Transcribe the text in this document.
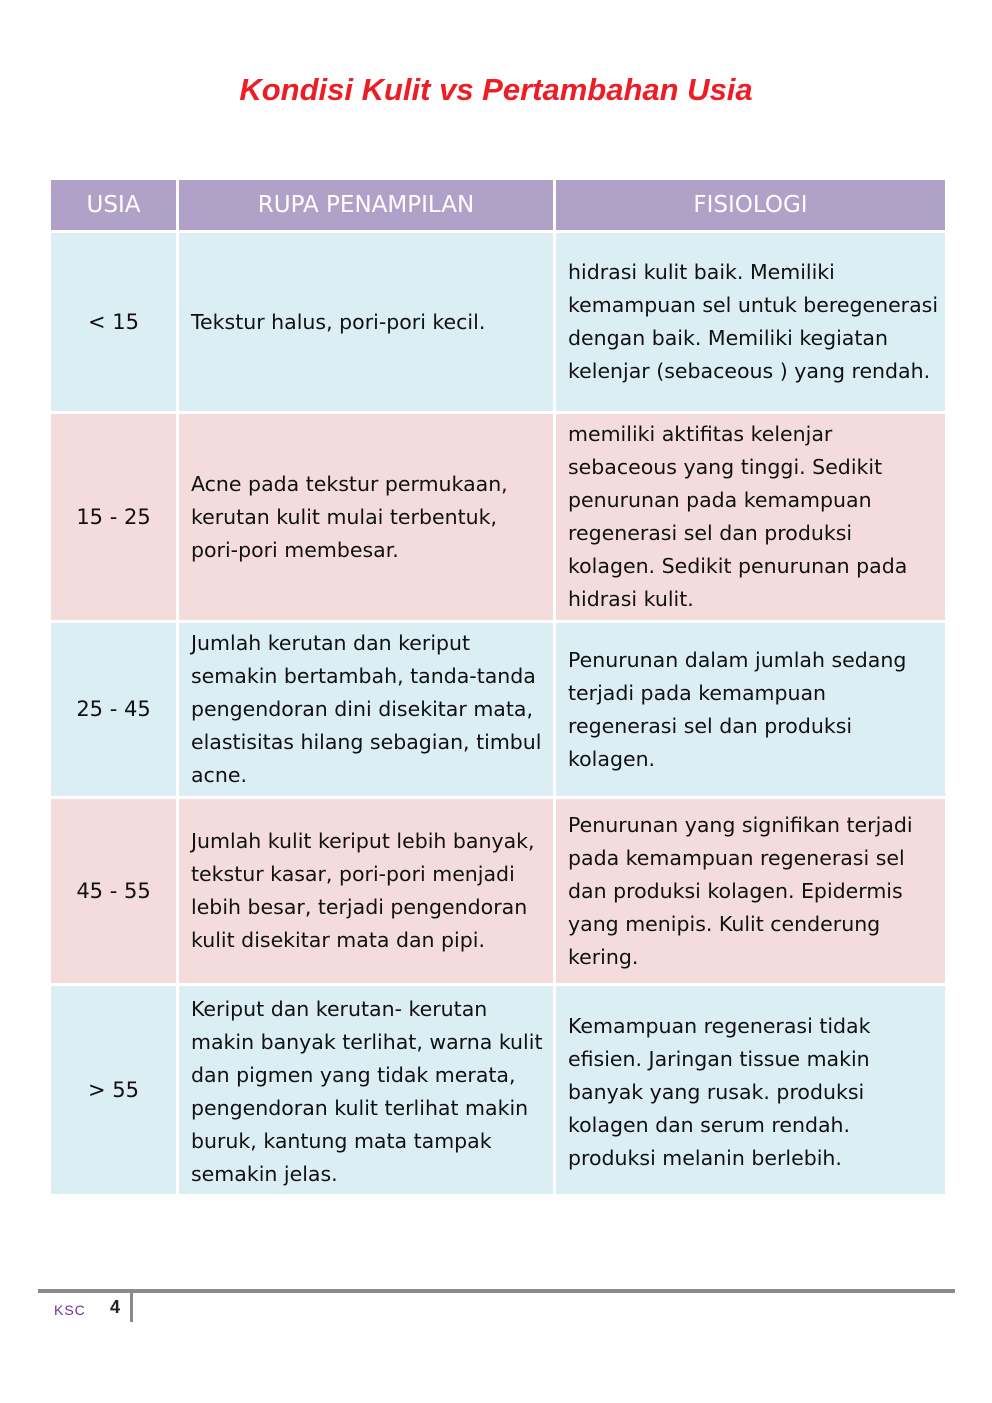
Kondisi Kulit vs Pertambahan Usia
USIA	RUPA PENAMPILAN	FISIOLOGI
< 15	Tekstur halus, pori-pori kecil.	hidrasi kulit baik. Memiliki kemampuan sel untuk beregenerasi dengan baik. Memiliki kegiatan kelenjar (sebaceous ) yang rendah.
15 - 25	Acne pada tekstur permukaan, kerutan kulit mulai terbentuk, pori-pori membesar.	memiliki aktifitas kelenjar sebaceous yang tinggi. Sedikit penurunan pada kemampuan regenerasi sel dan produksi kolagen. Sedikit penurunan pada hidrasi kulit.
25 - 45	Jumlah kerutan dan keriput semakin bertambah, tanda-tanda pengendoran dini disekitar mata, elastisitas hilang sebagian, timbul acne.	Penurunan dalam jumlah sedang terjadi pada kemampuan regenerasi sel dan produksi kolagen.
45 - 55	Jumlah kulit keriput lebih banyak, tekstur kasar, pori-pori menjadi lebih besar, terjadi pengendoran kulit disekitar mata dan pipi.	Penurunan yang signifikan terjadi pada kemampuan regenerasi sel dan produksi kolagen. Epidermis yang menipis. Kulit cenderung kering.
> 55	Keriput dan kerutan- kerutan makin banyak terlihat, warna kulit dan pigmen yang tidak merata, pengendoran kulit terlihat makin buruk, kantung mata tampak semakin jelas.	Kemampuan regenerasi tidak efisien. Jaringan tissue makin banyak yang rusak. produksi kolagen dan serum rendah. produksi melanin berlebih.
KSC 4
